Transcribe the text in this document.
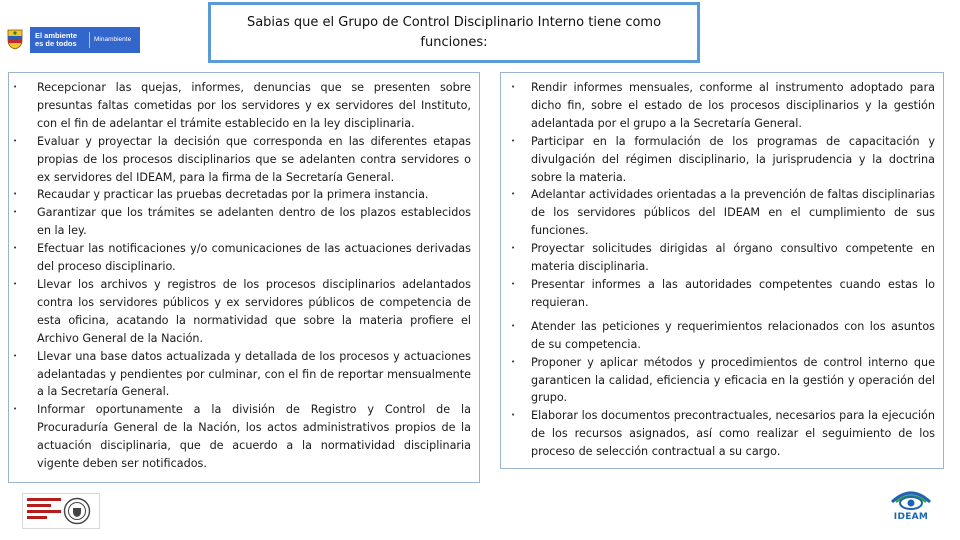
El ambiente es de todos	Minambiente
Sabias que el Grupo de Control Disciplinario Interno tiene como
funciones:
• Recepcionar las quejas, informes, denuncias que se presenten sobre presuntas faltas cometidas por los servidores y ex servidores del Instituto, con el fin de adelantar el trámite establecido en la ley disciplinaria.
• Evaluar y proyectar la decisión que corresponda en las diferentes etapas propias de los procesos disciplinarios que se adelanten contra servidores o ex servidores del IDEAM, para la firma de la Secretaría General.
• Recaudar y practicar las pruebas decretadas por la primera instancia.
• Garantizar que los trámites se adelanten dentro de los plazos establecidos en la ley.
• Efectuar las notificaciones y/o comunicaciones de las actuaciones derivadas del proceso disciplinario.
• Llevar los archivos y registros de los procesos disciplinarios adelantados contra los servidores públicos y ex servidores públicos de competencia de esta oficina, acatando la normatividad que sobre la materia profiere el Archivo General de la Nación.
• Llevar una base datos actualizada y detallada de los procesos y actuaciones adelantadas y pendientes por culminar, con el fin de reportar mensualmente a la Secretaría General.
• Informar oportunamente a la división de Registro y Control de la Procuraduría General de la Nación, los actos administrativos propios de la actuación disciplinaria, que de acuerdo a la normatividad disciplinaria vigente deben ser notificados.
• Rendir informes mensuales, conforme al instrumento adoptado para dicho fin, sobre el estado de los procesos disciplinarios y la gestión adelantada por el grupo a la Secretaría General.
• Participar en la formulación de los programas de capacitación y divulgación del régimen disciplinario, la jurisprudencia y la doctrina sobre la materia.
• Adelantar actividades orientadas a la prevención de faltas disciplinarias de los servidores públicos del IDEAM en el cumplimiento de sus funciones.
• Proyectar solicitudes dirigidas al órgano consultivo competente en materia disciplinaria.
• Presentar informes a las autoridades competentes cuando estas lo requieran.
• Atender las peticiones y requerimientos relacionados con los asuntos de su competencia.
• Proponer y aplicar métodos y procedimientos de control interno que garanticen la calidad, eficiencia y eficacia en la gestión y operación del grupo.
• Elaborar los documentos precontractuales, necesarios para la ejecución de los recursos asignados, así como realizar el seguimiento de los proceso de selección contractual a su cargo.
IDEAM
